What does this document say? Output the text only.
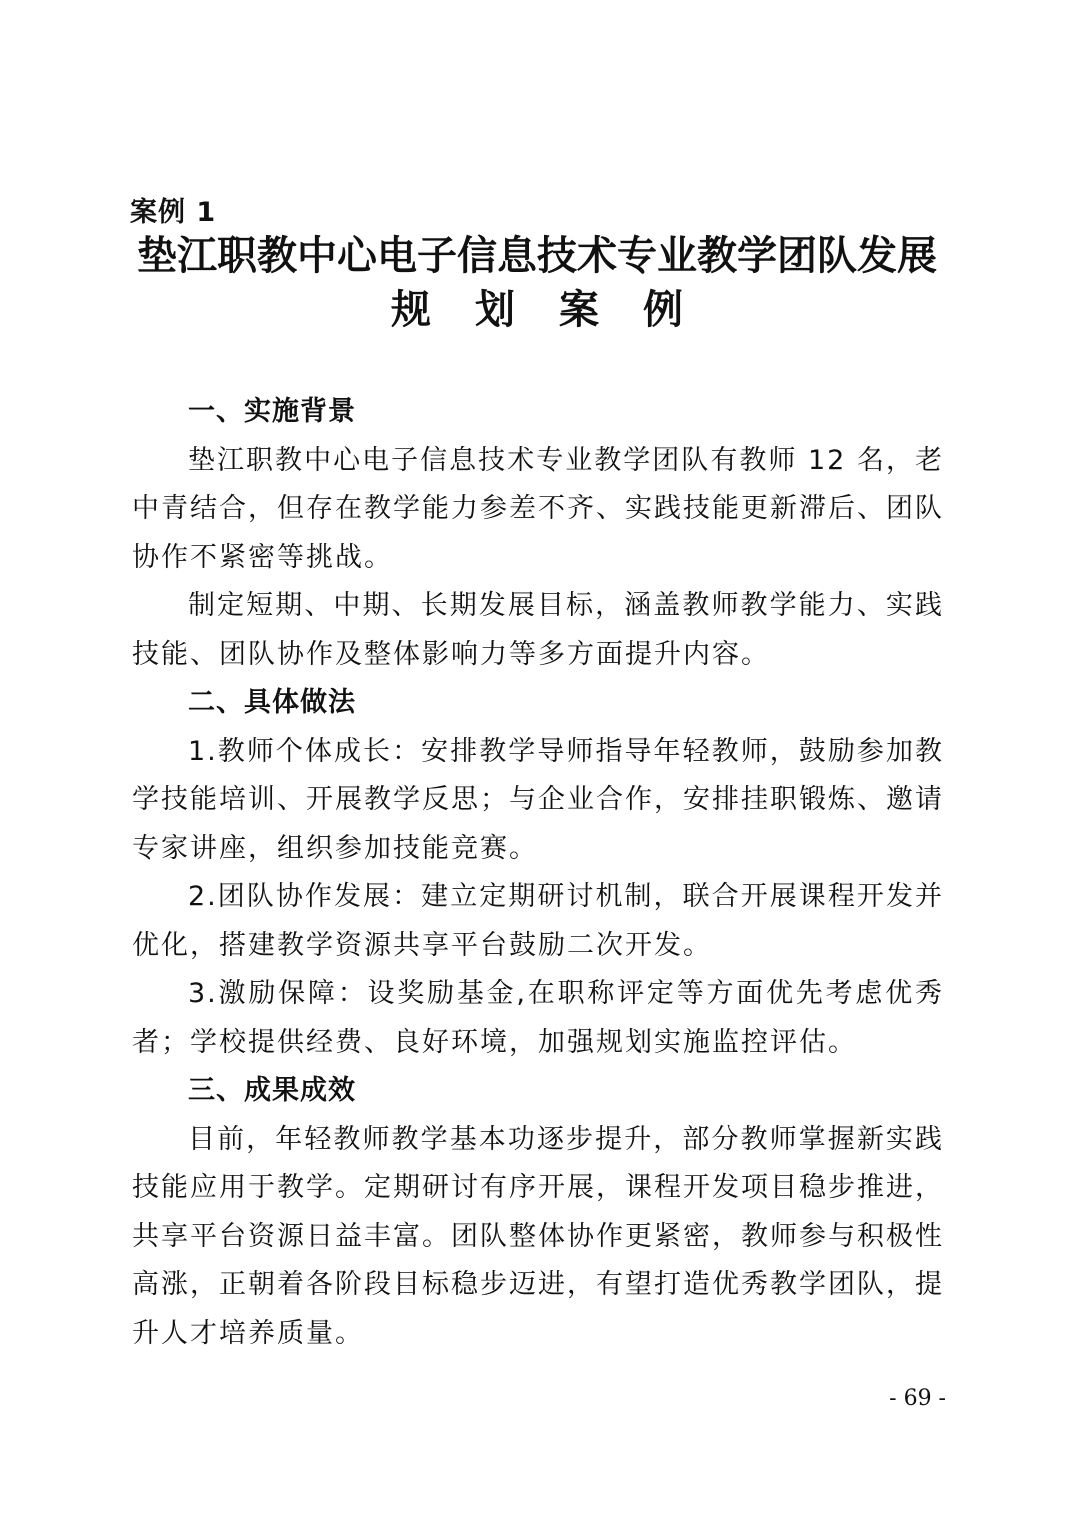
案例 1
垫江职教中心电子信息技术专业教学团队发展
规划案例
一、实施背景

垫江职教中心电子信息技术专业教学团队有教师 12 名，老中青结合，但存在教学能力参差不齐、实践技能更新滞后、团队协作不紧密等挑战。

制定短期、中期、长期发展目标，涵盖教师教学能力、实践技能、团队协作及整体影响力等多方面提升内容。

二、具体做法

1.教师个体成长：安排教学导师指导年轻教师，鼓励参加教学技能培训、开展教学反思；与企业合作，安排挂职锻炼、邀请专家讲座，组织参加技能竞赛。

2.团队协作发展：建立定期研讨机制，联合开展课程开发并优化，搭建教学资源共享平台鼓励二次开发。

3.激励保障：设奖励基金,在职称评定等方面优先考虑优秀者；学校提供经费、良好环境，加强规划实施监控评估。

三、成果成效

目前，年轻教师教学基本功逐步提升，部分教师掌握新实践技能应用于教学。定期研讨有序开展，课程开发项目稳步推进，共享平台资源日益丰富。团队整体协作更紧密，教师参与积极性高涨，正朝着各阶段目标稳步迈进，有望打造优秀教学团队，提升人才培养质量。

- 69 -
